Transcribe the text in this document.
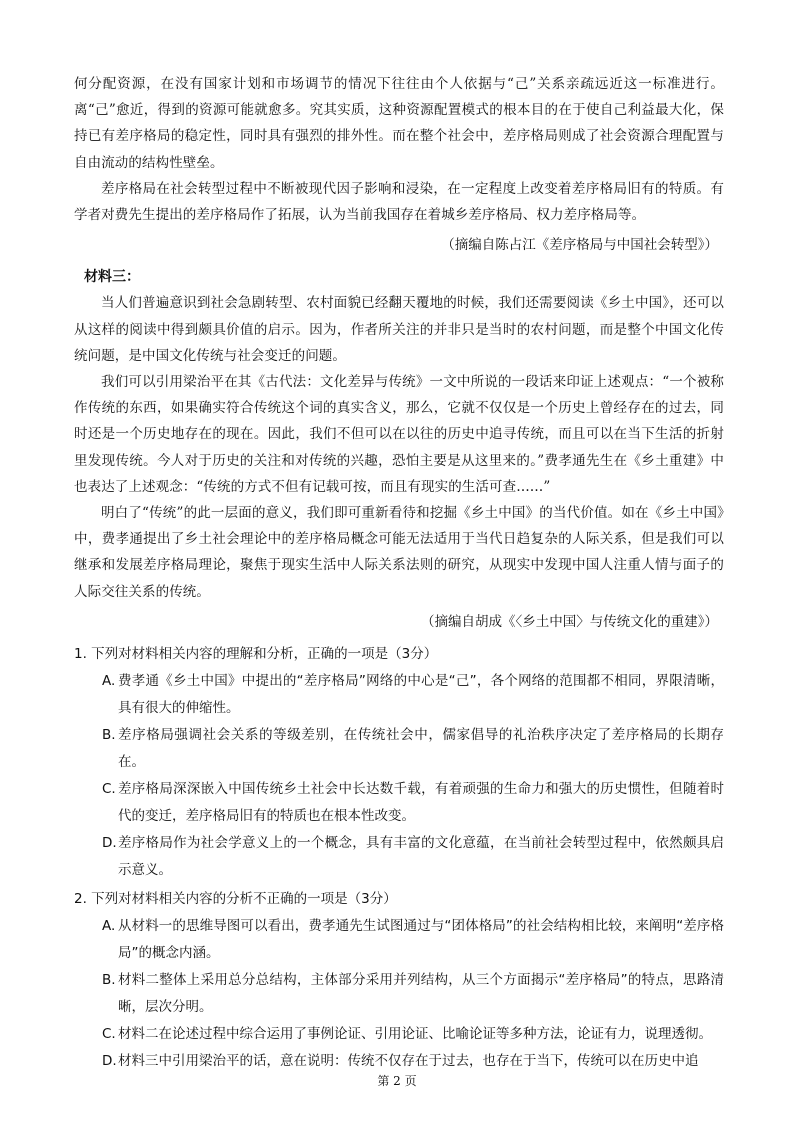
何分配资源，在没有国家计划和市场调节的情况下往往由个人依据与“己”关系亲疏远近这一标准进行。离“己”愈近，得到的资源可能就愈多。究其实质，这种资源配置模式的根本目的在于使自己利益最大化，保持已有差序格局的稳定性，同时具有强烈的排外性。而在整个社会中，差序格局则成了社会资源合理配置与自由流动的结构性壁垒。

差序格局在社会转型过程中不断被现代因子影响和浸染，在一定程度上改变着差序格局旧有的特质。有学者对费先生提出的差序格局作了拓展，认为当前我国存在着城乡差序格局、权力差序格局等。

（摘编自陈占江《差序格局与中国社会转型》）

材料三：

当人们普遍意识到社会急剧转型、农村面貌已经翻天覆地的时候，我们还需要阅读《乡土中国》，还可以从这样的阅读中得到颇具价值的启示。因为，作者所关注的并非只是当时的农村问题，而是整个中国文化传统问题，是中国文化传统与社会变迁的问题。

我们可以引用梁治平在其《古代法：文化差异与传统》一文中所说的一段话来印证上述观点：“一个被称作传统的东西，如果确实符合传统这个词的真实含义，那么，它就不仅仅是一个历史上曾经存在的过去，同时还是一个历史地存在的现在。因此，我们不但可以在以往的历史中追寻传统，而且可以在当下生活的折射里发现传统。今人对于历史的关注和对传统的兴趣，恐怕主要是从这里来的。”费孝通先生在《乡土重建》中也表达了上述观念：“传统的方式不但有记载可按，而且有现实的生活可查……”

明白了“传统”的此一层面的意义，我们即可重新看待和挖掘《乡土中国》的当代价值。如在《乡土中国》中，费孝通提出了乡土社会理论中的差序格局概念可能无法适用于当代日趋复杂的人际关系，但是我们可以继承和发展差序格局理论，聚焦于现实生活中人际关系法则的研究，从现实中发现中国人注重人情与面子的人际交往关系的传统。

（摘编自胡成《〈乡土中国〉与传统文化的重建》）

1. 下列对材料相关内容的理解和分析，正确的一项是（3分）

A. 费孝通《乡土中国》中提出的“差序格局”网络的中心是“己”，各个网络的范围都不相同，界限清晰，具有很大的伸缩性。
B. 差序格局强调社会关系的等级差别，在传统社会中，儒家倡导的礼治秩序决定了差序格局的长期存在。
C. 差序格局深深嵌入中国传统乡土社会中长达数千载，有着顽强的生命力和强大的历史惯性，但随着时代的变迁，差序格局旧有的特质也在根本性改变。
D. 差序格局作为社会学意义上的一个概念，具有丰富的文化意蕴，在当前社会转型过程中，依然颇具启示意义。

2. 下列对材料相关内容的分析不正确的一项是（3分）

A. 从材料一的思维导图可以看出，费孝通先生试图通过与“团体格局”的社会结构相比较，来阐明“差序格局”的概念内涵。
B. 材料二整体上采用总分总结构，主体部分采用并列结构，从三个方面揭示“差序格局”的特点，思路清晰，层次分明。
C. 材料二在论述过程中综合运用了事例论证、引用论证、比喻论证等多种方法，论证有力，说理透彻。
D. 材料三中引用梁治平的话，意在说明：传统不仅存在于过去，也存在于当下，传统可以在历史中追
第 2 页
